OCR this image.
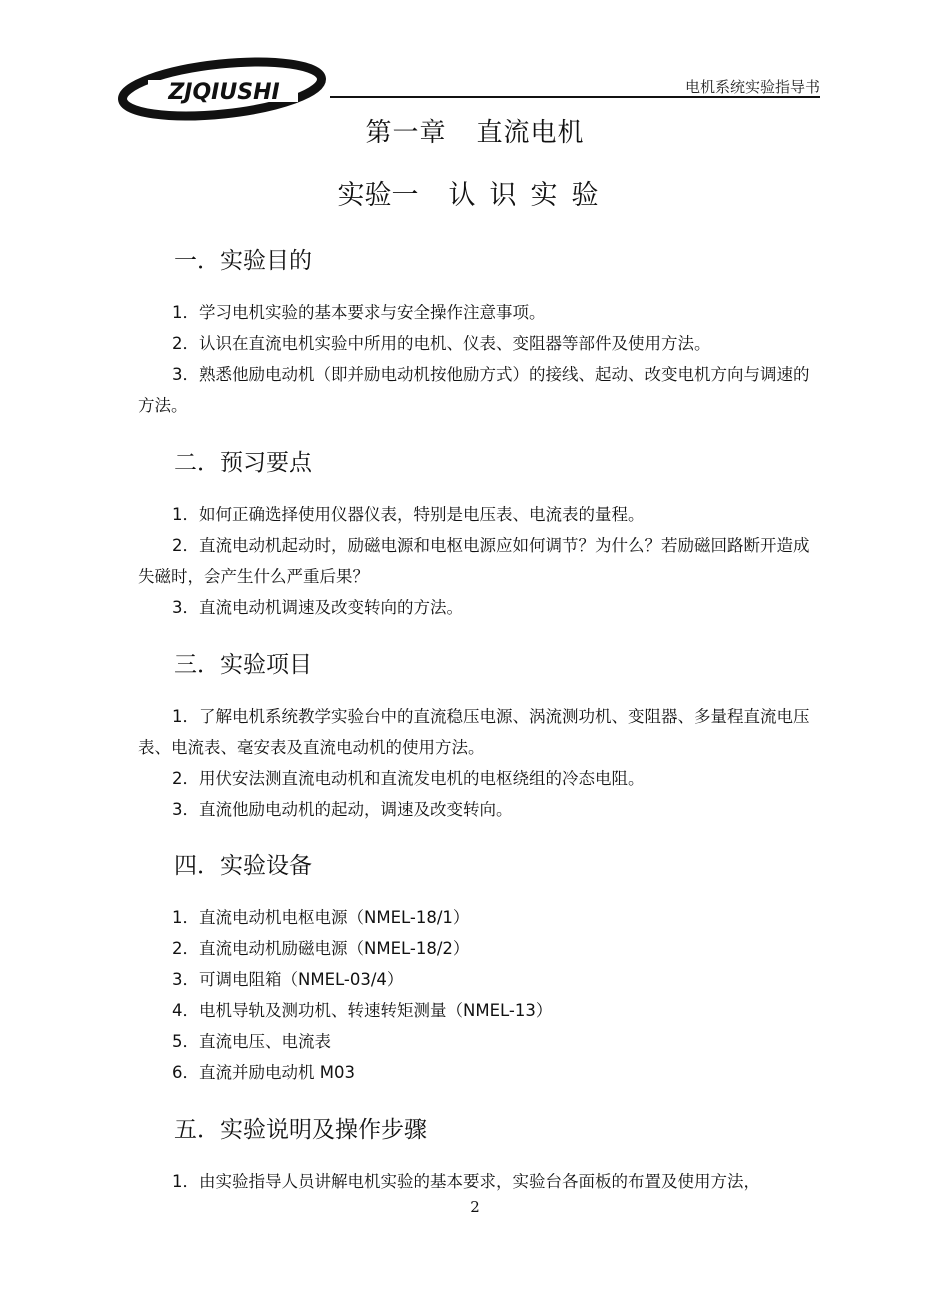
ZJQIUSHI	电机系统实验指导书
第一章 直流电机
实验一 认识实验
一．实验目的

1．学习电机实验的基本要求与安全操作注意事项。

2．认识在直流电机实验中所用的电机、仪表、变阻器等部件及使用方法。

3．熟悉他励电动机（即并励电动机按他励方式）的接线、起动、改变电机方向与调速的方法。

二．预习要点

1．如何正确选择使用仪器仪表，特别是电压表、电流表的量程。

2．直流电动机起动时，励磁电源和电枢电源应如何调节？为什么？若励磁回路断开造成失磁时，会产生什么严重后果？

3．直流电动机调速及改变转向的方法。

三．实验项目

1．了解电机系统教学实验台中的直流稳压电源、涡流测功机、变阻器、多量程直流电压表、电流表、毫安表及直流电动机的使用方法。

2．用伏安法测直流电动机和直流发电机的电枢绕组的冷态电阻。

3．直流他励电动机的起动，调速及改变转向。

四．实验设备

1．直流电动机电枢电源（NMEL-18/1）

2．直流电动机励磁电源（NMEL-18/2）

3．可调电阻箱（NMEL-03/4）

4．电机导轨及测功机、转速转矩测量（NMEL-13）

5．直流电压、电流表

6．直流并励电动机 M03

五．实验说明及操作步骤

1．由实验指导人员讲解电机实验的基本要求，实验台各面板的布置及使用方法，

2
